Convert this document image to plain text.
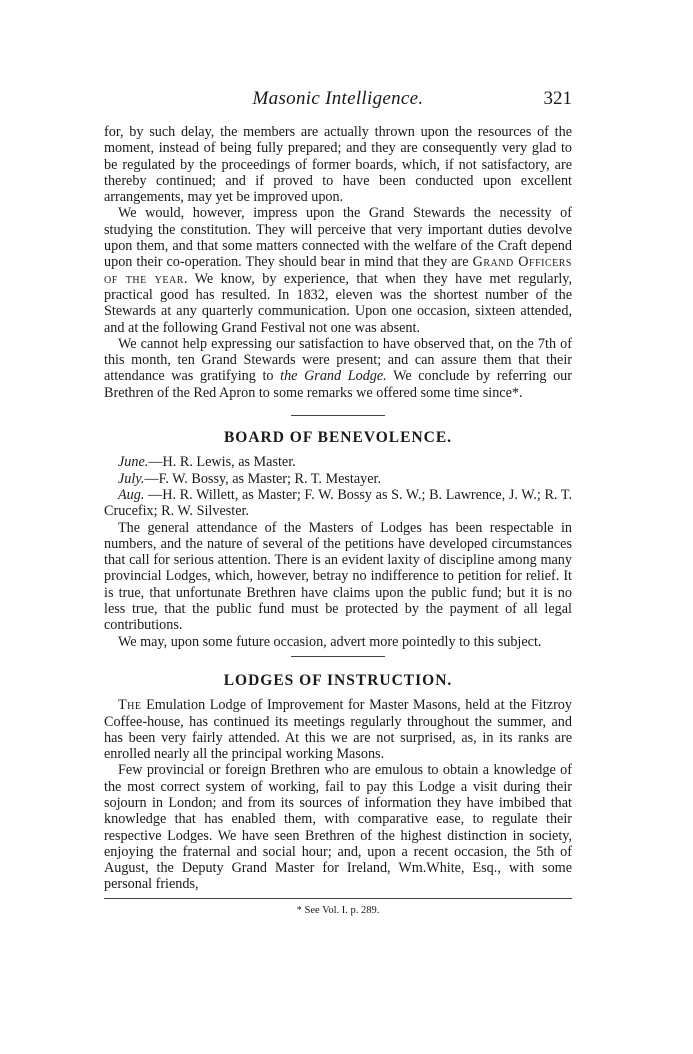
Masonic Intelligence.	321

for, by such delay, the members are actually thrown upon the resources of the moment, instead of being fully prepared; and they are consequently very glad to be regulated by the proceedings of former boards, which, if not satisfactory, are thereby continued; and if proved to have been conducted upon excellent arrangements, may yet be improved upon.

We would, however, impress upon the Grand Stewards the necessity of studying the constitution. They will perceive that very important duties devolve upon them, and that some matters connected with the welfare of the Craft depend upon their co-operation. They should bear in mind that they are Grand Officers of the year. We know, by experience, that when they have met regularly, practical good has resulted. In 1832, eleven was the shortest number of the Stewards at any quarterly communication. Upon one occasion, sixteen attended, and at the following Grand Festival not one was absent.

We cannot help expressing our satisfaction to have observed that, on the 7th of this month, ten Grand Stewards were present; and can assure them that their attendance was gratifying to the Grand Lodge. We conclude by referring our Brethren of the Red Apron to some remarks we offered some time since*.

BOARD OF BENEVOLENCE.

June.—H. R. Lewis, as Master.

July.—F. W. Bossy, as Master; R. T. Mestayer.

Aug. —H. R. Willett, as Master; F. W. Bossy as S. W.; B. Lawrence, J. W.; R. T. Crucefix; R. W. Silvester.

The general attendance of the Masters of Lodges has been respectable in numbers, and the nature of several of the petitions have developed circumstances that call for serious attention. There is an evident laxity of discipline among many provincial Lodges, which, however, betray no indifference to petition for relief. It is true, that unfortunate Brethren have claims upon the public fund; but it is no less true, that the public fund must be protected by the payment of all legal contributions.

We may, upon some future occasion, advert more pointedly to this subject.

LODGES OF INSTRUCTION.

The Emulation Lodge of Improvement for Master Masons, held at the Fitzroy Coffee-house, has continued its meetings regularly throughout the summer, and has been very fairly attended. At this we are not surprised, as, in its ranks are enrolled nearly all the principal working Masons.

Few provincial or foreign Brethren who are emulous to obtain a knowledge of the most correct system of working, fail to pay this Lodge a visit during their sojourn in London; and from its sources of information they have imbibed that knowledge that has enabled them, with comparative ease, to regulate their respective Lodges. We have seen Brethren of the highest distinction in society, enjoying the fraternal and social hour; and, upon a recent occasion, the 5th of August, the Deputy Grand Master for Ireland, Wm.White, Esq., with some personal friends,

* See Vol. I. p. 289.
